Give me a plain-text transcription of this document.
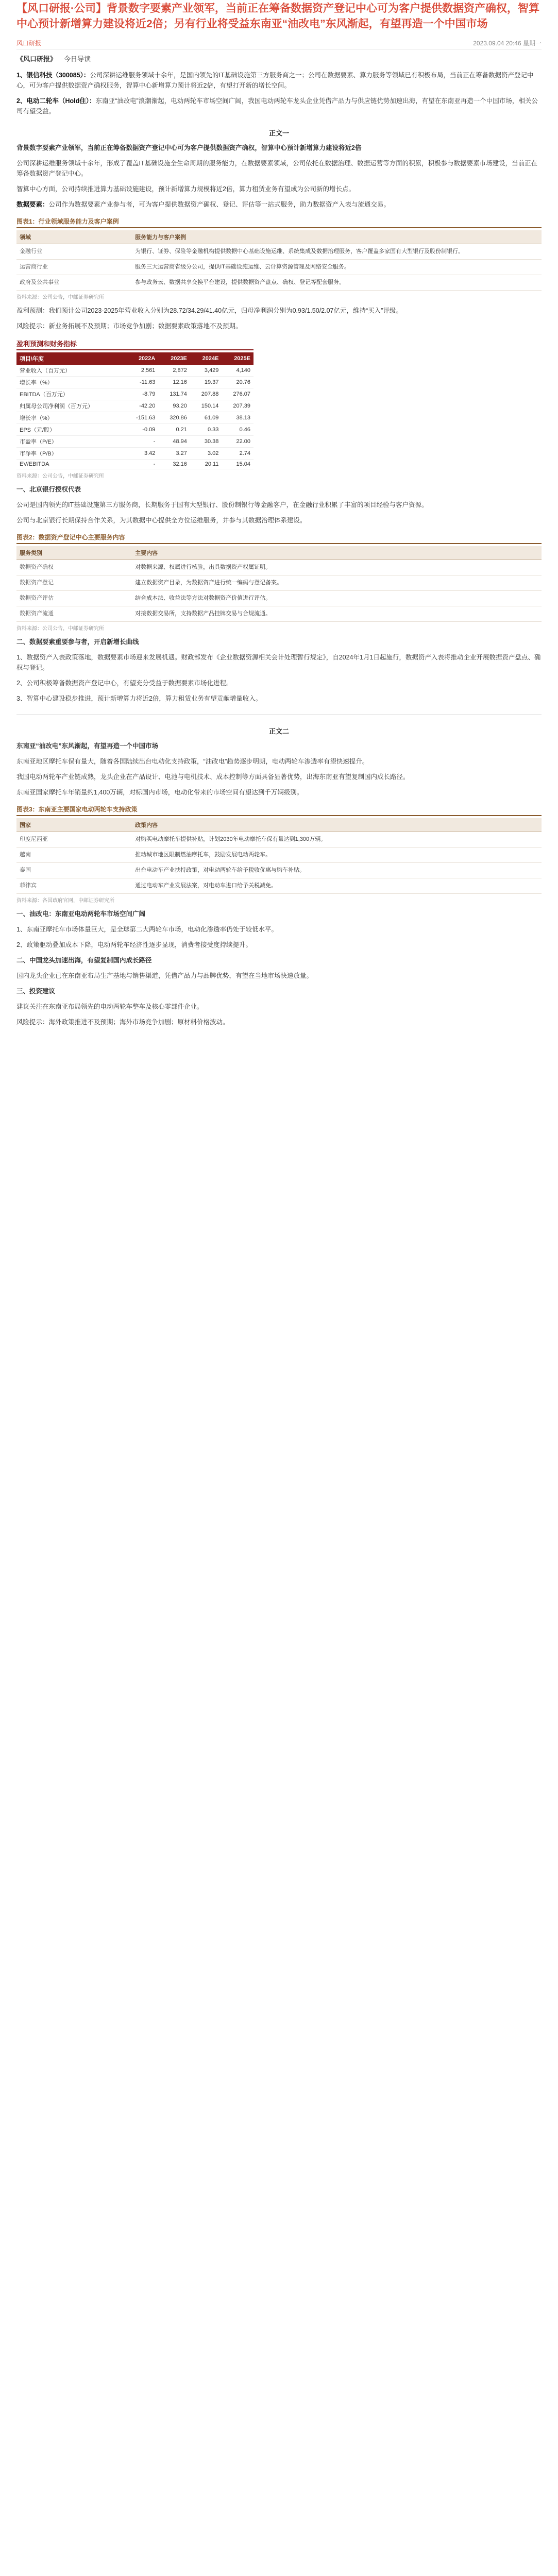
【风口研报·公司】背景数字要素产业领军，当前正在筹备数据资产登记中心可为客户提供数据资产确权，智算中心预计新增算力建设将近2倍；另有行业将受益东南亚“油改电”东风渐起，有望再造一个中国市场
风口研报	2023.09.04 20:46 星期一
《风口研报》 今日导读

1、银信科技（300085）：公司深耕运维服务领域十余年，是国内领先的IT基础设施第三方服务商之一；公司在数据要素、算力服务等领域已有积极布局，当前正在筹备数据资产登记中心，可为客户提供数据资产确权服务，智算中心新增算力预计将近2倍，有望打开新的增长空间。

2、电动二轮车（Hold住）：东南亚“油改电”浪潮渐起，电动两轮车市场空间广阔，我国电动两轮车龙头企业凭借产品力与供应链优势加速出海，有望在东南亚再造一个中国市场，相关公司有望受益。

正文一

背景数字要素产业领军，当前正在筹备数据资产登记中心可为客户提供数据资产确权，智算中心预计新增算力建设将近2倍

公司深耕运维服务领域十余年，形成了覆盖IT基础设施全生命周期的服务能力，在数据要素领域，公司依托在数据治理、数据运营等方面的积累，积极参与数据要素市场建设，当前正在筹备数据资产登记中心。

智算中心方面，公司持续推进算力基础设施建设，预计新增算力规模将近2倍，算力租赁业务有望成为公司新的增长点。

数据要素：公司作为数据要素产业参与者，可为客户提供数据资产确权、登记、评估等一站式服务，助力数据资产入表与流通交易。

图表1：行业领域服务能力及客户案例
领域	服务能力与客户案例
金融行业	为银行、证券、保险等金融机构提供数据中心基础设施运维、系统集成及数据治理服务，客户覆盖多家国有大型银行及股份制银行。
运营商行业	服务三大运营商省级分公司，提供IT基础设施运维、云计算资源管理及网络安全服务。
政府及公共事业	参与政务云、数据共享交换平台建设，提供数据资产盘点、确权、登记等配套服务。
资料来源：公司公告，中邮证券研究所

盈利预测：我们预计公司2023-2025年营业收入分别为28.72/34.29/41.40亿元，归母净利润分别为0.93/1.50/2.07亿元，维持“买入”评级。

风险提示：新业务拓展不及预期；市场竞争加剧；数据要素政策落地不及预期。

盈利预测和财务指标
项目\年度	2022A	2023E	2024E	2025E
营业收入（百万元）	2,561	2,872	3,429	4,140
增长率（%）	-11.63	12.16	19.37	20.76
EBITDA（百万元）	-8.79	131.74	207.88	276.07
归属母公司净利润（百万元）	-42.20	93.20	150.14	207.39
增长率（%）	-151.63	320.86	61.09	38.13
EPS（元/股）	-0.09	0.21	0.33	0.46
市盈率（P/E）	-	48.94	30.38	22.00
市净率（P/B）	3.42	3.27	3.02	2.74
EV/EBITDA	-	32.16	20.11	15.04
资料来源：公司公告，中邮证券研究所

一、北京银行授权代表

公司是国内领先的IT基础设施第三方服务商，长期服务于国有大型银行、股份制银行等金融客户，在金融行业积累了丰富的项目经验与客户资源。

公司与北京银行长期保持合作关系，为其数据中心提供全方位运维服务，并参与其数据治理体系建设。

图表2：数据资产登记中心主要服务内容
服务类别	主要内容
数据资产确权	对数据来源、权属进行核验，出具数据资产权属证明。
数据资产登记	建立数据资产目录，为数据资产进行统一编码与登记备案。
数据资产评估	结合成本法、收益法等方法对数据资产价值进行评估。
数据资产流通	对接数据交易所，支持数据产品挂牌交易与合规流通。
资料来源：公司公告，中邮证券研究所

二、数据要素重要参与者，开启新增长曲线

1、数据资产入表政策落地，数据要素市场迎来发展机遇。财政部发布《企业数据资源相关会计处理暂行规定》，自2024年1月1日起施行，数据资产入表将推动企业开展数据资产盘点、确权与登记。

2、公司积极筹备数据资产登记中心，有望充分受益于数据要素市场化进程。

3、智算中心建设稳步推进，预计新增算力将近2倍，算力租赁业务有望贡献增量收入。

正文二

东南亚“油改电”东风渐起，有望再造一个中国市场

东南亚地区摩托车保有量大，随着各国陆续出台电动化支持政策，“油改电”趋势逐步明朗，电动两轮车渗透率有望快速提升。

我国电动两轮车产业链成熟，龙头企业在产品设计、电池与电机技术、成本控制等方面具备显著优势，出海东南亚有望复制国内成长路径。

东南亚国家摩托车年销量约1,400万辆，对标国内市场，电动化带来的市场空间有望达到千万辆级别。

图表3：东南亚主要国家电动两轮车支持政策
国家	政策内容
印度尼西亚	对购买电动摩托车提供补贴，计划2030年电动摩托车保有量达到1,300万辆。
越南	推动城市地区限制燃油摩托车，鼓励发展电动两轮车。
泰国	出台电动车产业扶持政策，对电动两轮车给予税收优惠与购车补贴。
菲律宾	通过电动车产业发展法案，对电动车进口给予关税减免。
资料来源：各国政府官网，中邮证券研究所

一、油改电：东南亚电动两轮车市场空间广阔

1、东南亚摩托车市场体量巨大，是全球第二大两轮车市场，电动化渗透率仍处于较低水平。

2、政策驱动叠加成本下降，电动两轮车经济性逐步显现，消费者接受度持续提升。

二、中国龙头加速出海，有望复制国内成长路径

国内龙头企业已在东南亚布局生产基地与销售渠道，凭借产品力与品牌优势，有望在当地市场快速放量。

三、投资建议

建议关注在东南亚布局领先的电动两轮车整车及核心零部件企业。

风险提示：海外政策推进不及预期；海外市场竞争加剧；原材料价格波动。
